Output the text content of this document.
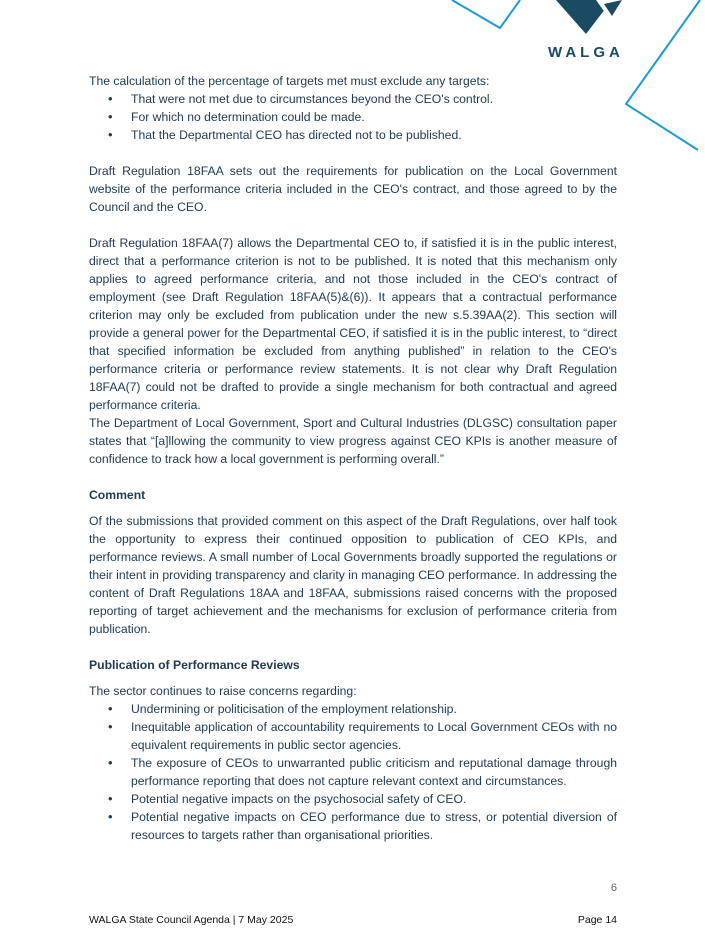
WALGA

The calculation of the percentage of targets met must exclude any targets:

• That were not met due to circumstances beyond the CEO's control.
• For which no determination could be made.
• That the Departmental CEO has directed not to be published.

Draft Regulation 18FAA sets out the requirements for publication on the Local Government website of the performance criteria included in the CEO's contract, and those agreed to by the Council and the CEO.

Draft Regulation 18FAA(7) allows the Departmental CEO to, if satisfied it is in the public interest, direct that a performance criterion is not to be published. It is noted that this mechanism only applies to agreed performance criteria, and not those included in the CEO's contract of employment (see Draft Regulation 18FAA(5)&(6)). It appears that a contractual performance criterion may only be excluded from publication under the new s.5.39AA(2). This section will provide a general power for the Departmental CEO, if satisfied it is in the public interest, to “direct that specified information be excluded from anything published” in relation to the CEO's performance criteria or performance review statements. It is not clear why Draft Regulation 18FAA(7) could not be drafted to provide a single mechanism for both contractual and agreed performance criteria.

The Department of Local Government, Sport and Cultural Industries (DLGSC) consultation paper states that “[a]llowing the community to view progress against CEO KPIs is another measure of confidence to track how a local government is performing overall.”

Comment

Of the submissions that provided comment on this aspect of the Draft Regulations, over half took the opportunity to express their continued opposition to publication of CEO KPIs, and performance reviews. A small number of Local Governments broadly supported the regulations or their intent in providing transparency and clarity in managing CEO performance. In addressing the content of Draft Regulations 18AA and 18FAA, submissions raised concerns with the proposed reporting of target achievement and the mechanisms for exclusion of performance criteria from publication.

Publication of Performance Reviews

The sector continues to raise concerns regarding:

• Undermining or politicisation of the employment relationship.
• Inequitable application of accountability requirements to Local Government CEOs with no equivalent requirements in public sector agencies.
• The exposure of CEOs to unwarranted public criticism and reputational damage through performance reporting that does not capture relevant context and circumstances.
• Potential negative impacts on the psychosocial safety of CEO.
• Potential negative impacts on CEO performance due to stress, or potential diversion of resources to targets rather than organisational priorities.
6
WALGA State Council Agenda | 7 May 2025	Page 14
